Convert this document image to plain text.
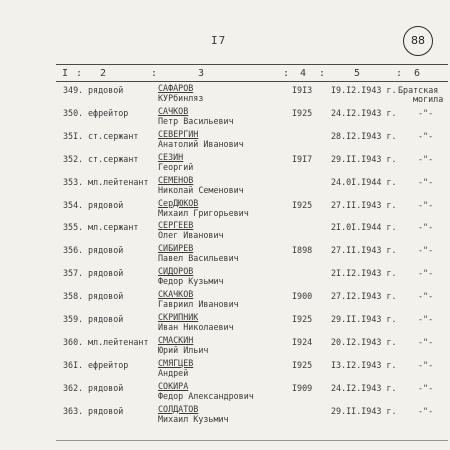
I7	88
I	2	3	4	5	6
:	:	:	:	:
349. рядовой	САФАРОВ
КУРбинляз
I9I3 I9.I2.I943 г. Братская
могила
350. ефрейтор	САЧКОВ
Петр Васильевич
I925 24.I2.I943 г.	-"-
35I. ст.сержант СЕВЕРГИН
Анатолий Иванович
28.I2.I943 г.	-"-
352. ст.сержант СЕЗИН
Георгий
I9I7 29.II.I943 г.	-"-
353. мл.лейтенант СЕМЕНОВ
Николай Семенович
24.0I.I944 г.	-"-
354. рядовой	СерДЮКОВ
Михаил Григорьевич
I925 27.II.I943 г.	-"-
355. мл.сержант СЕРГЕЕВ
Олег Иванович
2I.0I.I944 г.	-"-
356. рядовой	СИБИРЕВ
Павел Васильевич
I898 27.II.I943 г.	-"-
357. рядовой	СИДОРОВ
Федор Кузьмич
2I.I2.I943 г.	-"-
358. рядовой	СКАЧКОВ
Гавриил Иванович
I900 27.I2.I943 г.	-"-
359. рядовой	СКРИПНИК
Иван Николаевич
I925 29.II.I943 г.	-"-
360. мл.лейтенант СМАСКИН
Юрий Ильич
I924 20.I2.I943 г.	-"-
36I. ефрейтор	СМЯГЦЕВ
Андрей
I925 I3.I2.I943 г.	-"-
362. рядовой	СОКИРА
Федор Александрович
I909 24.I2.I943 г.	-"-
363. рядовой	СОЛДАТОВ
Михаил Кузьмич
29.II.I943 г.	-"-
